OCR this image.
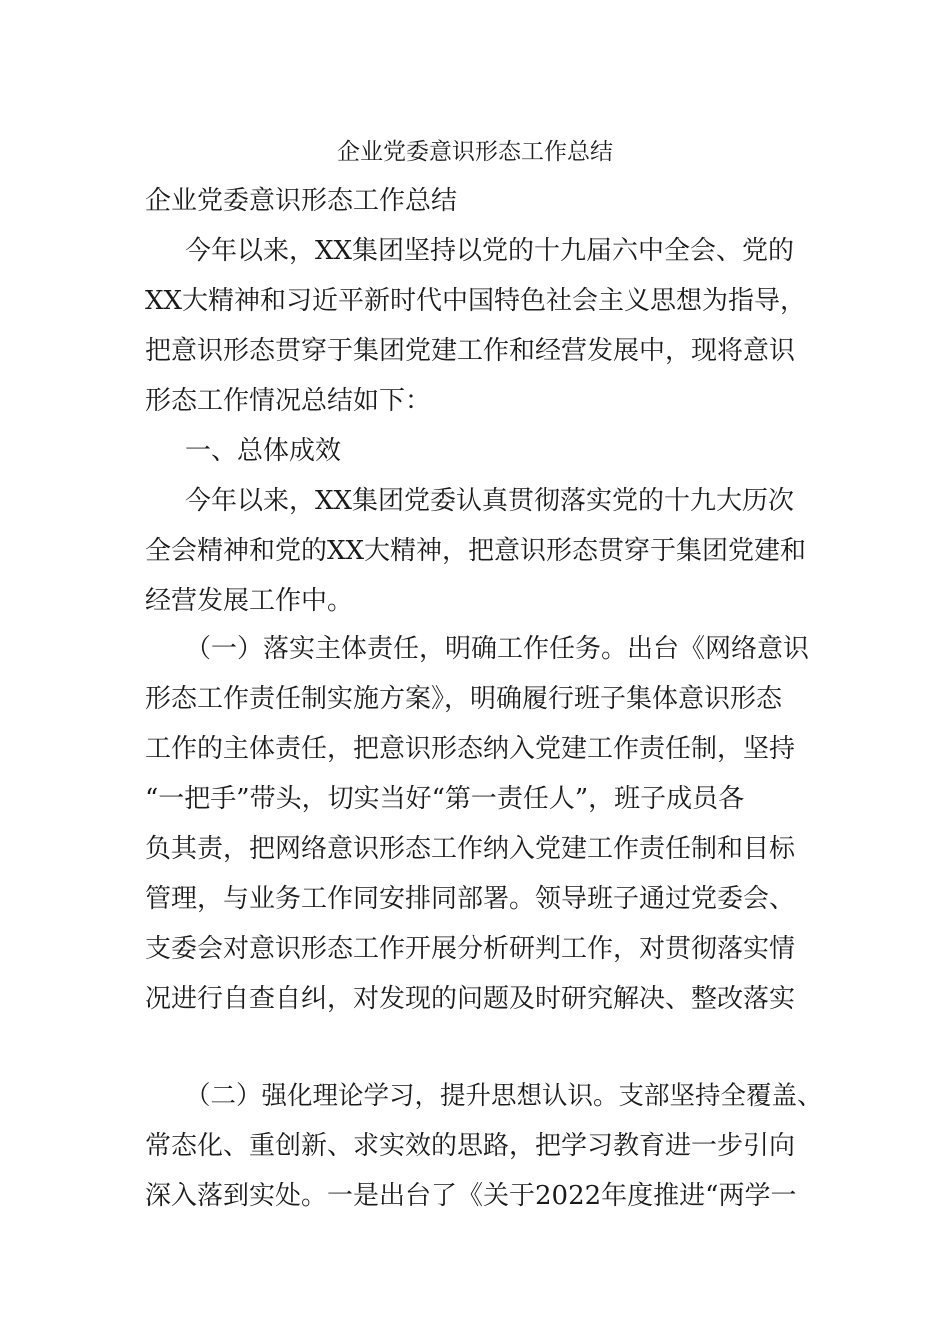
企业党委意识形态工作总结
企业党委意识形态工作总结
今年以来，XX集团坚持以党的十九届六中全会、党的
XX大精神和习近平新时代中国特色社会主义思想为指导，
把意识形态贯穿于集团党建工作和经营发展中，现将意识
形态工作情况总结如下：
一、总体成效
今年以来，XX集团党委认真贯彻落实党的十九大历次
全会精神和党的XX大精神，把意识形态贯穿于集团党建和
经营发展工作中。
（一）落实主体责任，明确工作任务。出台《网络意识
形态工作责任制实施方案》，明确履行班子集体意识形态
工作的主体责任，把意识形态纳入党建工作责任制，坚持
“一把手”带头，切实当好“第一责任人”，班子成员各
负其责，把网络意识形态工作纳入党建工作责任制和目标
管理，与业务工作同安排同部署。领导班子通过党委会、
支委会对意识形态工作开展分析研判工作，对贯彻落实情
况进行自查自纠，对发现的问题及时研究解决、整改落实
（二）强化理论学习，提升思想认识。支部坚持全覆盖、
常态化、重创新、求实效的思路，把学习教育进一步引向
深入落到实处。一是出台了《关于2022年度推进“两学一
